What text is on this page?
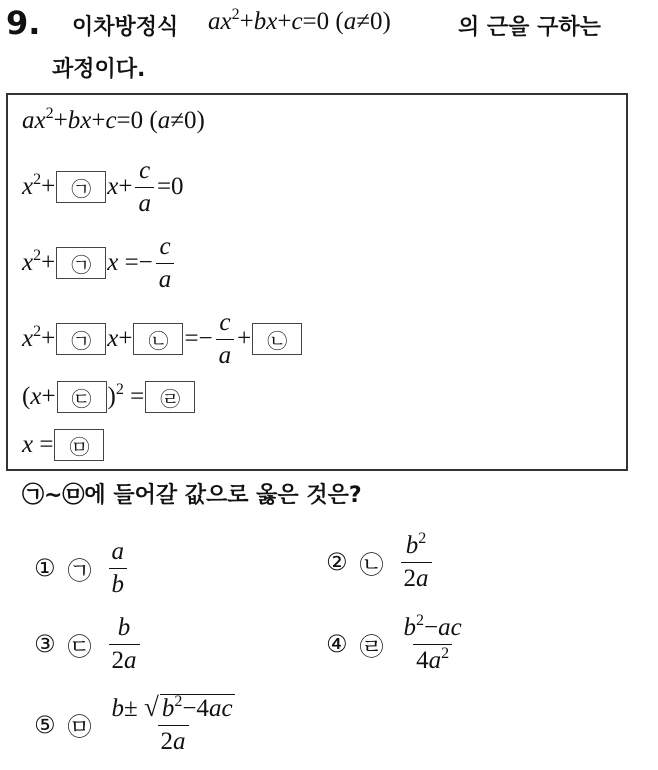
9. 이차방정식 $ax^2+bx+c=0$ (a≠0)	의 근을 구하는
과정이다.
$ax^2+bx+c=0$ (a≠0)
$x^2+$ ㉠ $x+ \frac{c}{a} =0$
$x^2+$ ㉠ $x =- \frac{c}{a}$
$x^2+$ ㉠ x+ ㉡ =− $\frac{c}{a}$ + ㉡
(x+ ㉢ )$^2$ = ㉣
x = ㉤
㉠~㉤에 들어갈 값으로 옳은 것은?
① ㉠ $\frac{a}{b}$	② ㉡ $\frac{b^2}{2a}$
③ ㉢ $\frac{b}{2a}$	④ ㉣ $\frac{b^2-ac}{4a^2}$
⑤ ㉤ $\frac{b\pm √ b^2-4ac}{2a}$
